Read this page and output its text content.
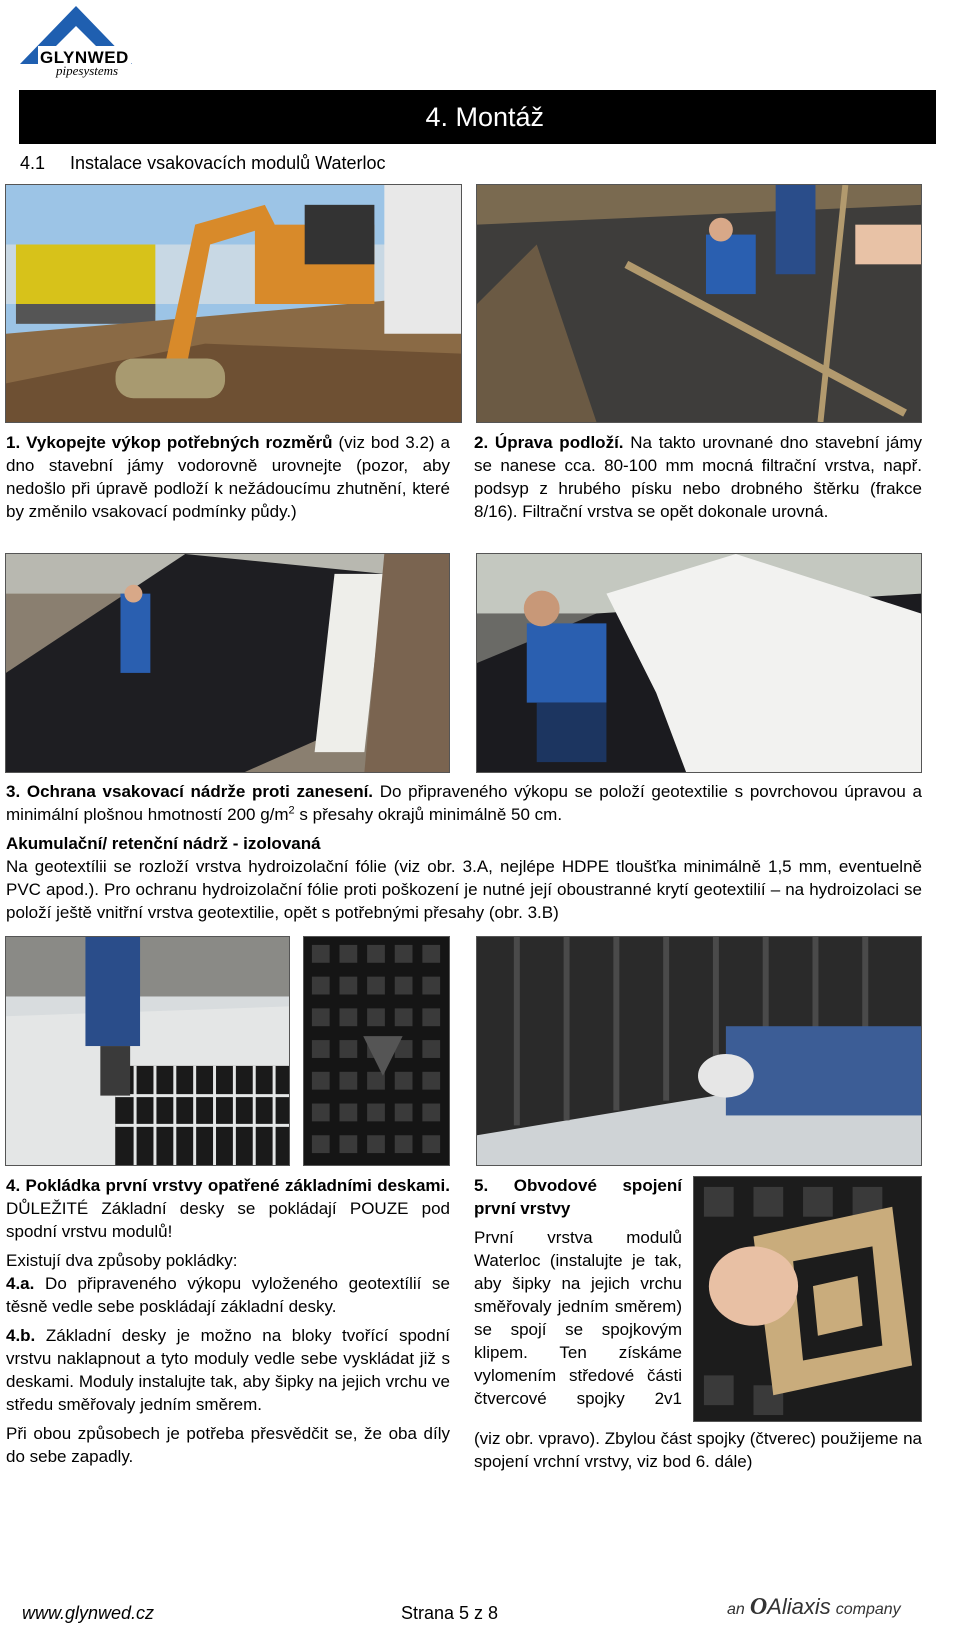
GLYNWED
pipesystems
4. Montáž
4.1     Instalace vsakovacích modulů Waterloc
1. Vykopejte výkop potřebných rozměrů (viz bod 3.2) a dno stavební jámy vodorovně urovnejte (pozor, aby nedošlo při úpravě podloží k nežádoucímu zhutnění, které by změnilo vsakovací podmínky půdy.)
2. Úprava podloží. Na takto urovnané dno stavební jámy se nanese cca. 80-100 mm mocná filtrační vrstva, např. podsyp z hrubého písku nebo drobného štěrku (frakce 8/16). Filtrační vrstva se opět dokonale urovná.
3. Ochrana vsakovací nádrže proti zanesení. Do připraveného výkopu se položí geotextilie s povrchovou úpravou a minimální plošnou hmotností 200 $g/m^2$ s přesahy okrajů minimálně 50 cm.
Akumulační/ retenční nádrž - izolovaná
Na geotextílii se rozloží vrstva hydroizolační fólie (viz obr. 3.A, nejlépe HDPE tloušťka minimálně 1,5 mm, eventuelně PVC apod.). Pro ochranu hydroizolační fólie proti poškození je nutné její oboustranné krytí geotextilií – na hydroizolaci se položí ještě vnitřní vrstva geotextilie, opět s potřebnými přesahy (obr. 3.B)
4. Pokládka první vrstvy opatřené základními deskami. DŮLEŽITÉ Základní desky se pokládají POUZE pod spodní vrstvu modulů!
Existují dva způsoby pokládky:
4.a. Do připraveného výkopu vyloženého geotextílií se těsně vedle sebe poskládají základní desky.
4.b. Základní desky je možno na bloky tvořící spodní vrstvu naklapnout a tyto moduly vedle sebe vyskládat již s deskami. Moduly instalujte tak, aby šipky na jejich vrchu ve středu směřovaly jedním směrem.
Při obou způsobech je potřeba přesvědčit se, že oba díly do sebe zapadly.
5. Obvodové spojení první vrstvy
První vrstva modulů Waterloc (instalujte je tak, aby šipky na jejich vrchu směřovaly jedním směrem) se spojí se spojkovým klipem. Ten získáme vylomením středové části čtvercové spojky 2v1
(viz obr. vpravo). Zbylou část spojky (čtverec) použijeme na spojení vrchní vrstvy, viz bod 6. dále)
www.glynwed.cz	Strana 5 z 8	an OAliaxis company
